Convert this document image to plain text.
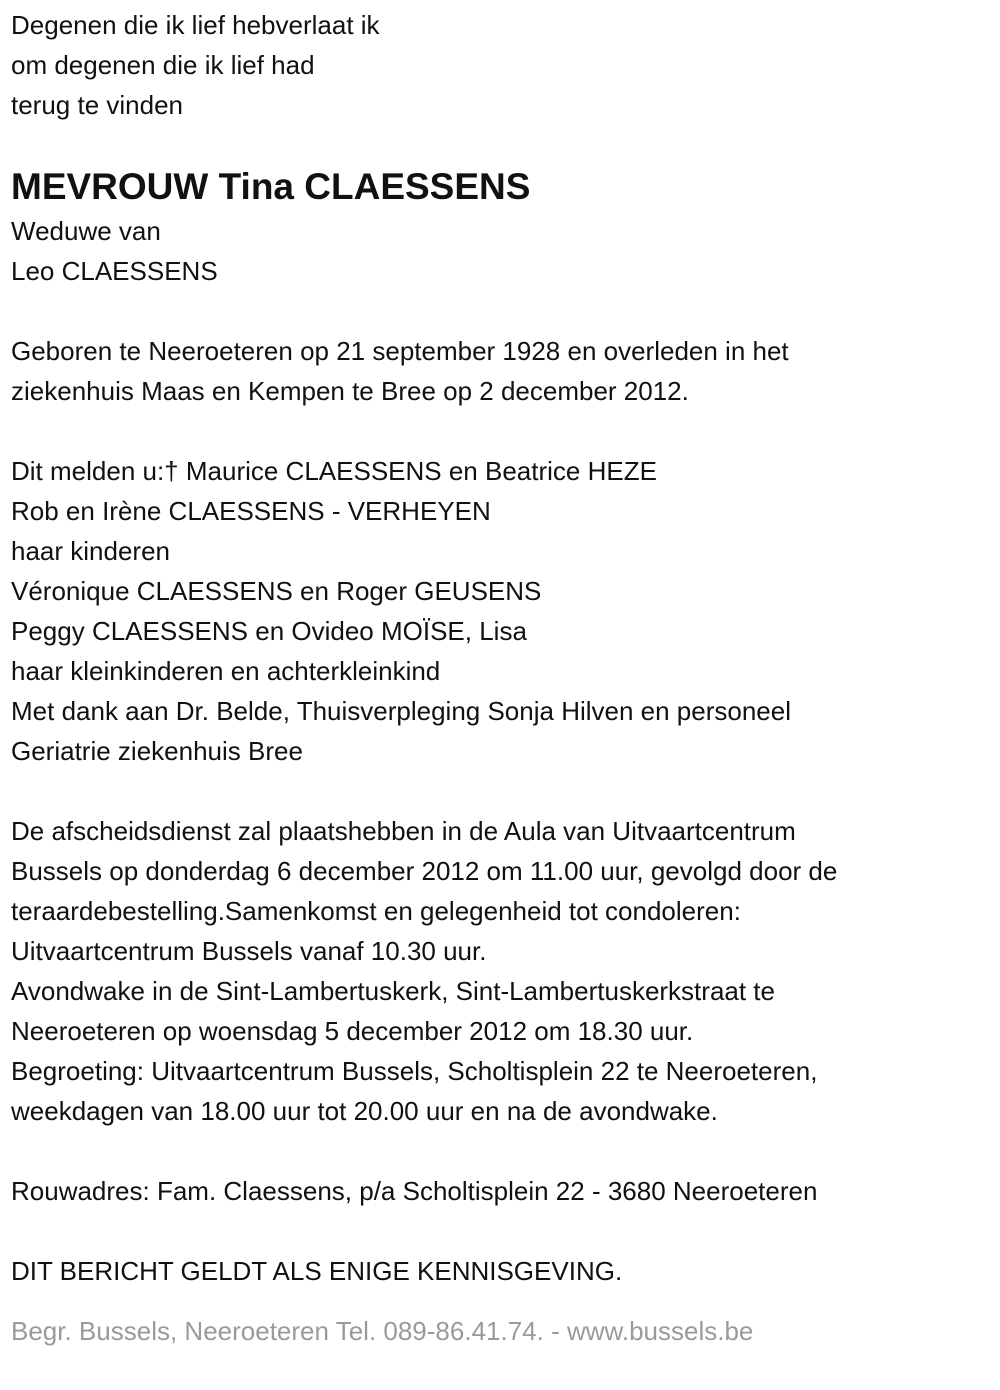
Degenen die ik lief hebverlaat ik
om degenen die ik lief had
terug te vinden
MEVROUW Tina CLAESSENS
Weduwe van
Leo CLAESSENS
Geboren te Neeroeteren op 21 september 1928 en overleden in het
ziekenhuis Maas en Kempen te Bree op 2 december 2012.
Dit melden u:† Maurice CLAESSENS en Beatrice HEZE
Rob en Irène CLAESSENS - VERHEYEN
haar kinderen
Véronique CLAESSENS en Roger GEUSENS
Peggy CLAESSENS en Ovideo MOÏSE, Lisa
haar kleinkinderen en achterkleinkind
Met dank aan Dr. Belde, Thuisverpleging Sonja Hilven en personeel
Geriatrie ziekenhuis Bree
De afscheidsdienst zal plaatshebben in de Aula van Uitvaartcentrum
Bussels op donderdag 6 december 2012 om 11.00 uur, gevolgd door de
teraardebestelling.Samenkomst en gelegenheid tot condoleren:
Uitvaartcentrum Bussels vanaf 10.30 uur.
Avondwake in de Sint-Lambertuskerk, Sint-Lambertuskerkstraat te
Neeroeteren op woensdag 5 december 2012 om 18.30 uur.
Begroeting: Uitvaartcentrum Bussels, Scholtisplein 22 te Neeroeteren,
weekdagen van 18.00 uur tot 20.00 uur en na de avondwake.
Rouwadres: Fam. Claessens, p/a Scholtisplein 22 - 3680 Neeroeteren
DIT BERICHT GELDT ALS ENIGE KENNISGEVING.
Begr. Bussels, Neeroeteren Tel. 089-86.41.74. - www.bussels.be
